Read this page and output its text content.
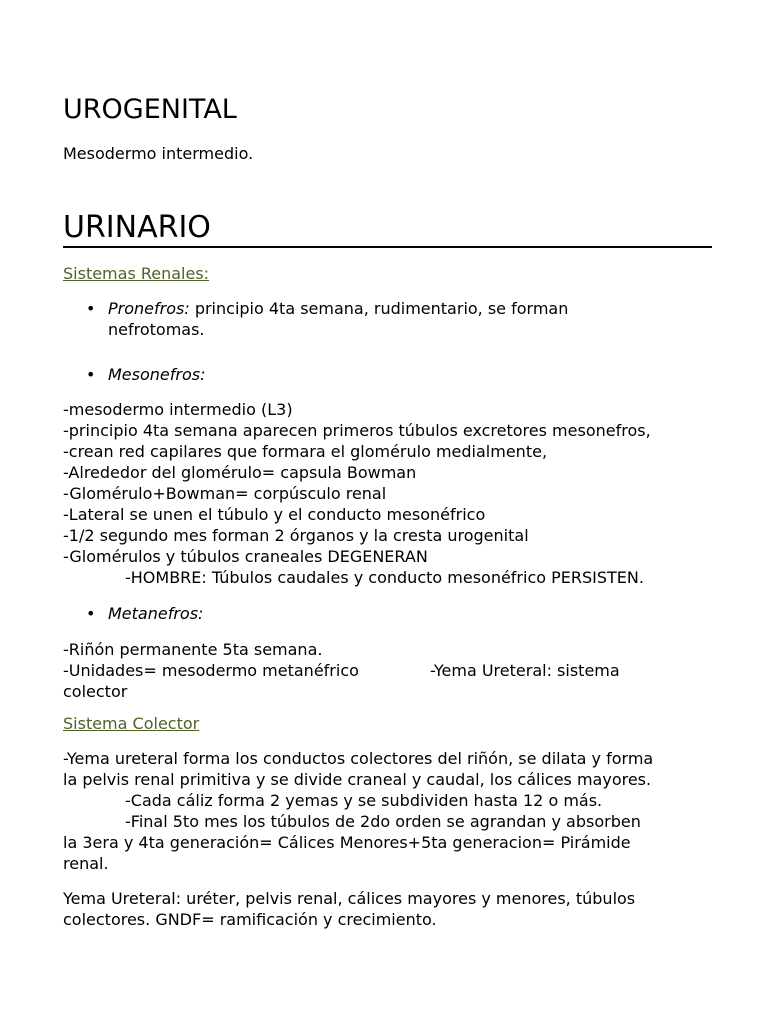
UROGENITAL

Mesodermo intermedio.

URINARIO

Sistemas Renales:

• Pronefros: principio 4ta semana, rudimentario, se forman
nefrotomas.
• Mesonefros:
-mesodermo intermedio (L3)
-principio 4ta semana aparecen primeros túbulos excretores mesonefros,
-crean red capilares que formara el glomérulo medialmente,
-Alrededor del glomérulo= capsula Bowman
-Glomérulo+Bowman= corpúsculo renal
-Lateral se unen el túbulo y el conducto mesonéfrico
-1/2 segundo mes forman 2 órganos y la cresta urogenital
-Glomérulos y túbulos craneales DEGENERAN
-HOMBRE: Túbulos caudales y conducto mesonéfrico PERSISTEN.
• Metanefros:
-Riñón permanente 5ta semana.
-Unidades= mesodermo metanéfrico	-Yema Ureteral: sistema
colector

Sistema Colector

-Yema ureteral forma los conductos colectores del riñón, se dilata y forma
la pelvis renal primitiva y se divide craneal y caudal, los cálices mayores.
-Cada cáliz forma 2 yemas y se subdividen hasta 12 o más.
-Final 5to mes los túbulos de 2do orden se agrandan y absorben
la 3era y 4ta generación= Cálices Menores+5ta generacion= Pirámide
renal.
Yema Ureteral: uréter, pelvis renal, cálices mayores y menores, túbulos
colectores. GNDF= ramificación y crecimiento.
